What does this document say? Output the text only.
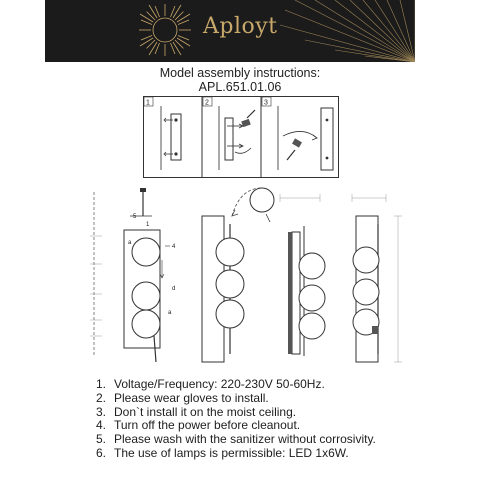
Aployt
Model assembly instructions:
APL.651.01.06
1	2	3
5
1
4
d
a
a
1. Voltage/Frequency: 220-230V 50-60Hz.
2. Please wear gloves to install.
3. Don`t install it on the moist ceiling.
4. Turn off the power before cleanout.
5. Please wash with the sanitizer without corrosivity.
6. The use of lamps is permissible: LED 1x6W.
